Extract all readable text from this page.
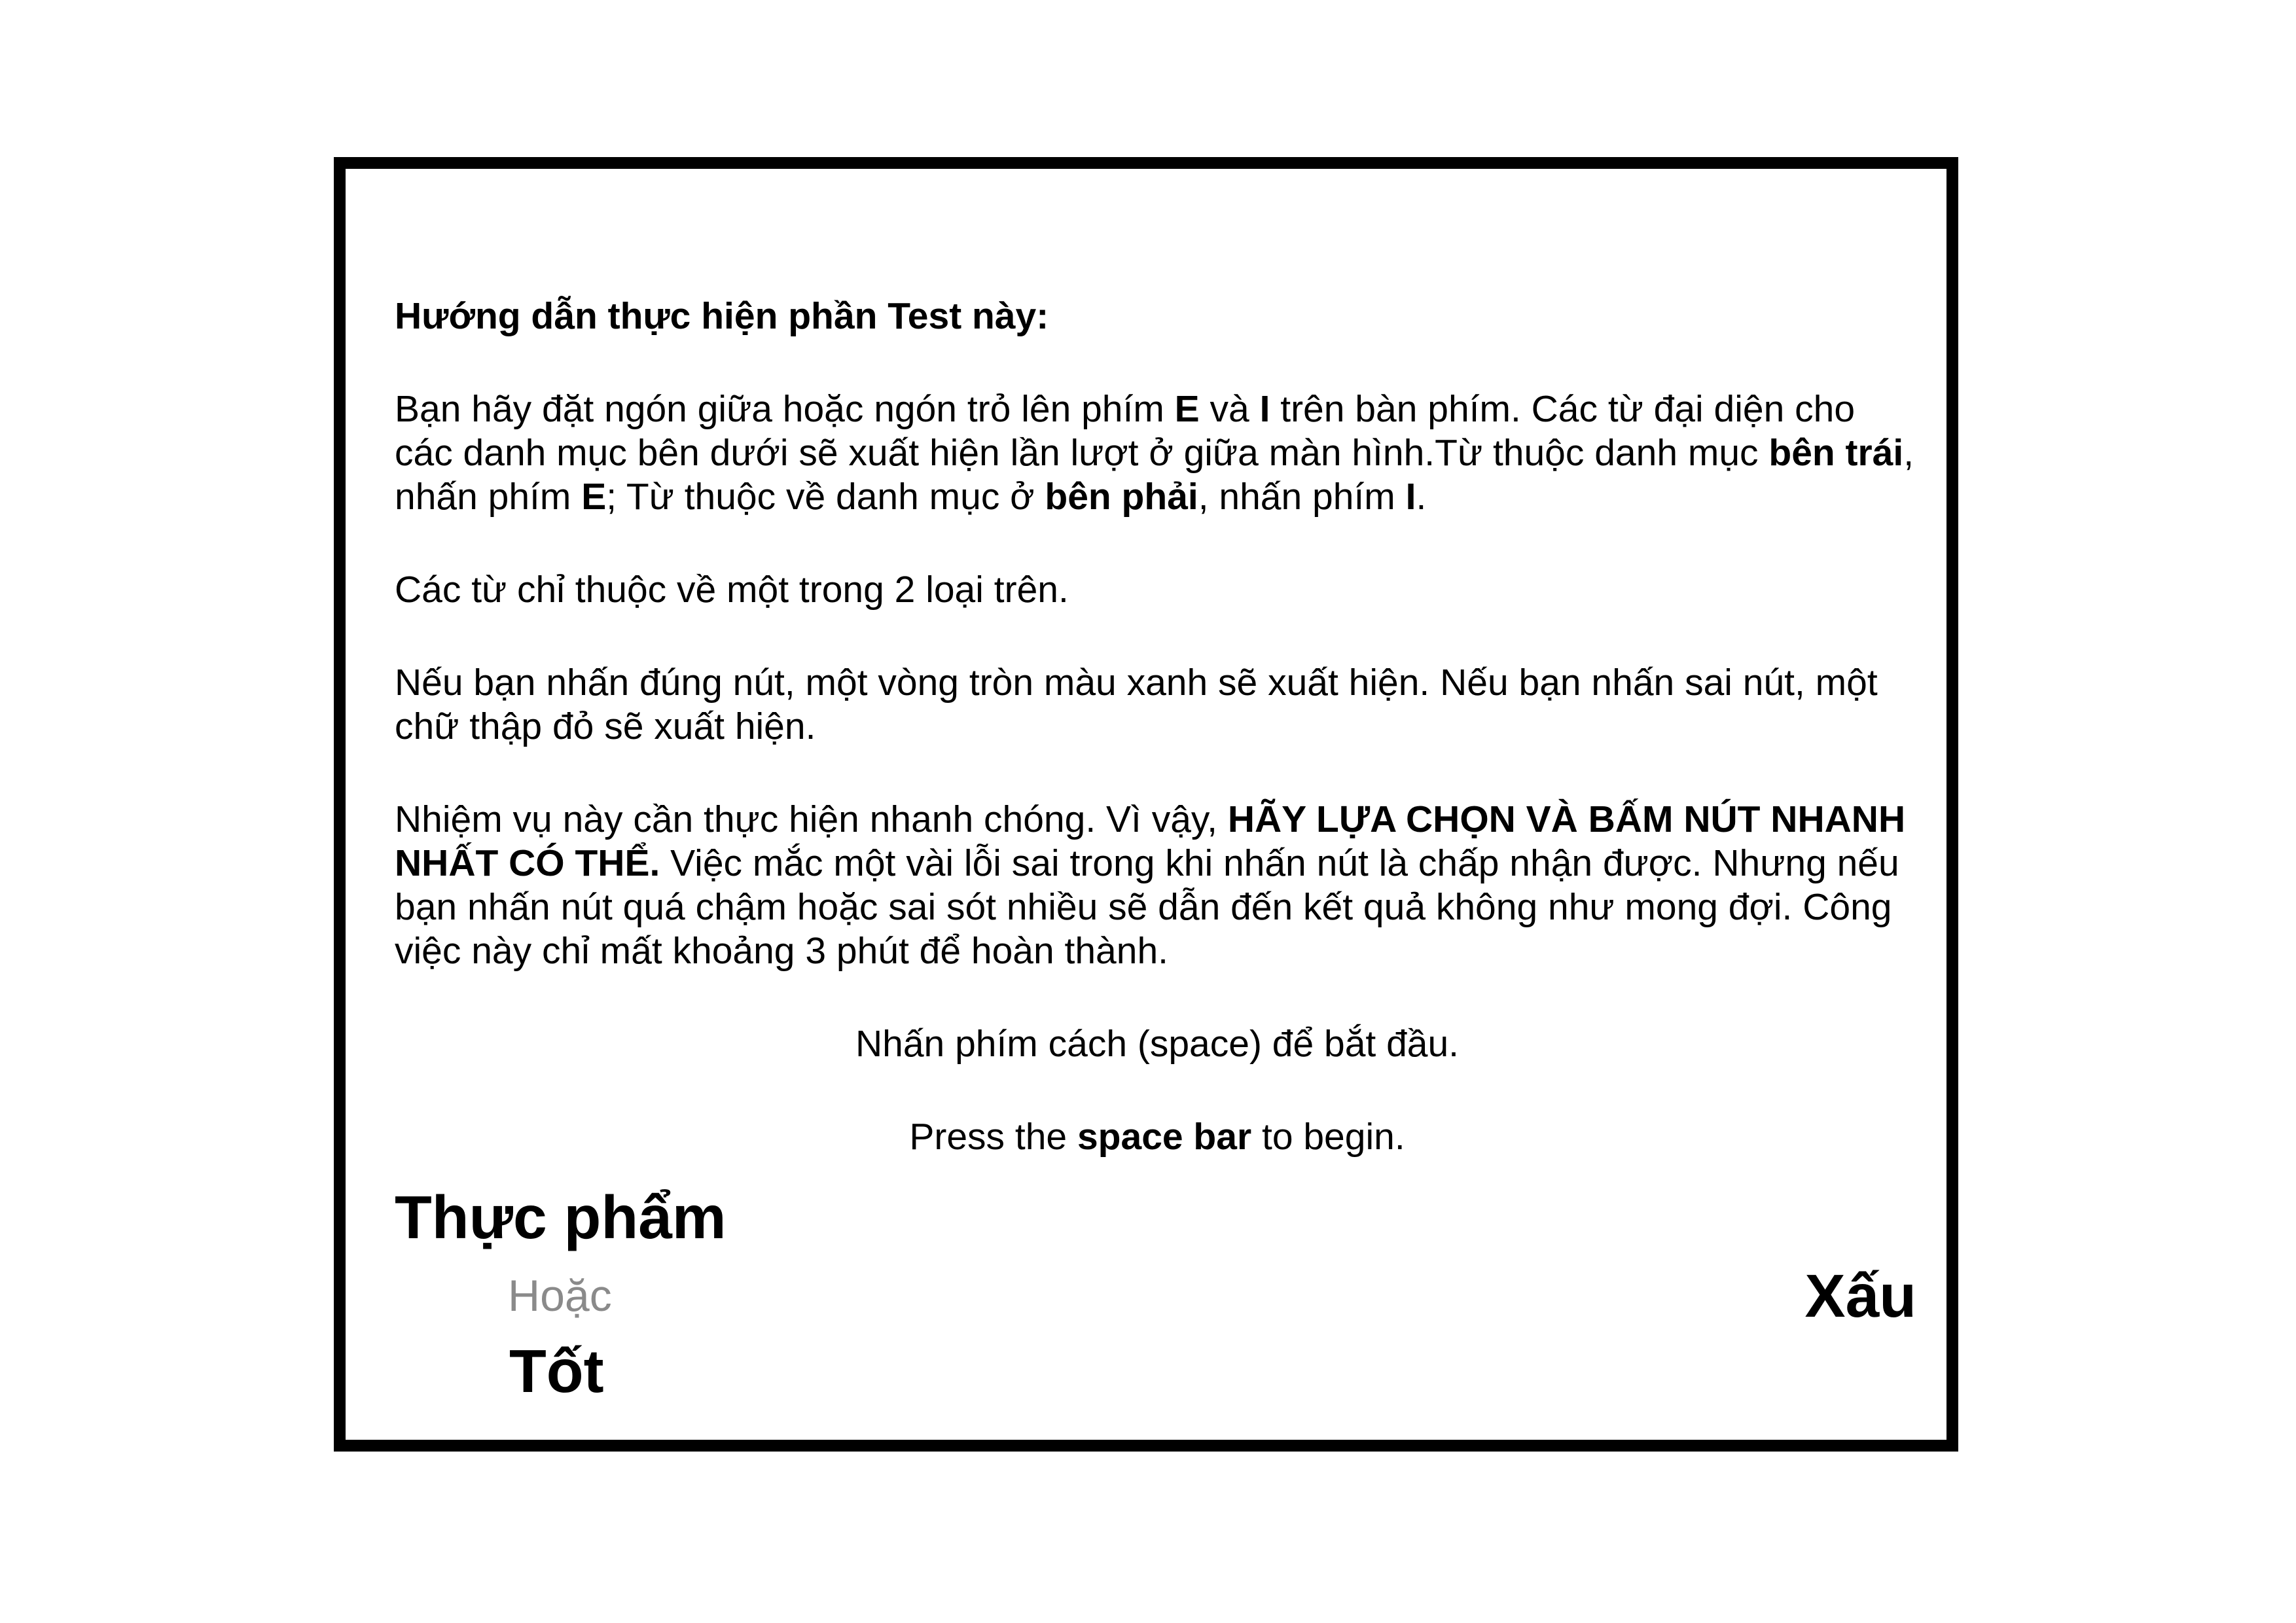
Hướng dẫn thực hiện phần Test này:

Bạn hãy đặt ngón giữa hoặc ngón trỏ lên phím E và I trên bàn phím. Các từ đại diện cho các danh mục bên dưới sẽ xuất hiện lần lượt ở giữa màn hình.Từ thuộc danh mục bên trái, nhấn phím E; Từ thuộc về danh mục ở bên phải, nhấn phím I.

Các từ chỉ thuộc về một trong 2 loại trên.

Nếu bạn nhấn đúng nút, một vòng tròn màu xanh sẽ xuất hiện. Nếu bạn nhấn sai nút, một chữ thập đỏ sẽ xuất hiện.

Nhiệm vụ này cần thực hiện nhanh chóng. Vì vậy, HÃY LỰA CHỌN VÀ BẤM NÚT NHANH NHẤT CÓ THỂ. Việc mắc một vài lỗi sai trong khi nhấn nút là chấp nhận được. Nhưng nếu bạn nhấn nút quá chậm hoặc sai sót nhiều sẽ dẫn đến kết quả không như mong đợi. Công việc này chỉ mất khoảng 3 phút để hoàn thành.

Nhấn phím cách (space) để bắt đầu.

Press the space bar to begin.

Thực phẩm
Hoặc
Tốt
Xấu
